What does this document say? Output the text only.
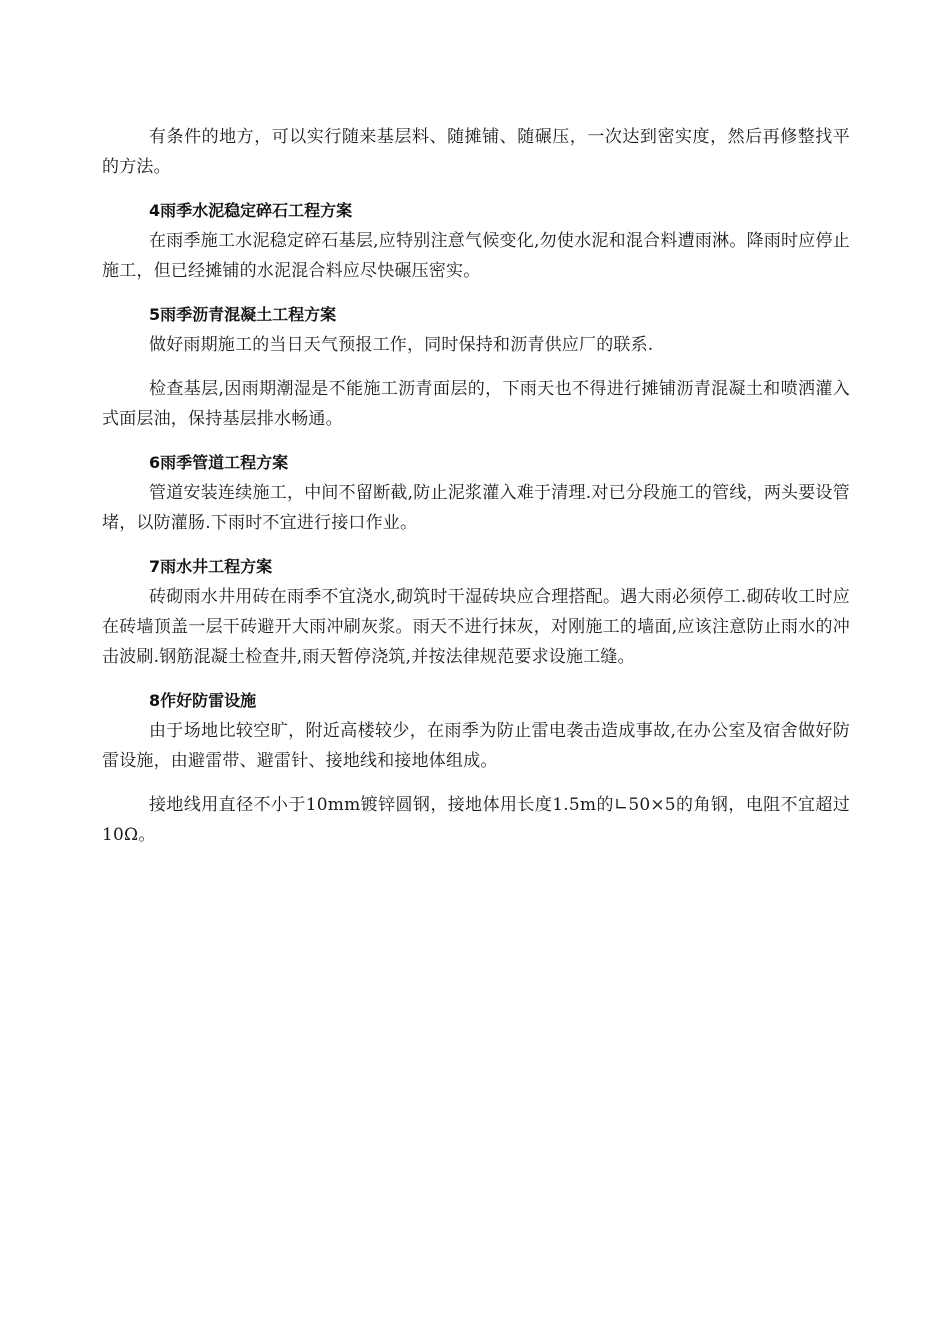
有条件的地方，可以实行随来基层料、随摊铺、随碾压，一次达到密实度，然后再修整找平的方法。

4雨季水泥稳定碎石工程方案

在雨季施工水泥稳定碎石基层,应特别注意气候变化,勿使水泥和混合料遭雨淋。降雨时应停止施工，但已经摊铺的水泥混合料应尽快碾压密实。

5雨季沥青混凝土工程方案

做好雨期施工的当日天气预报工作，同时保持和沥青供应厂的联系.

检查基层,因雨期潮湿是不能施工沥青面层的，下雨天也不得进行摊铺沥青混凝土和喷洒灌入式面层油，保持基层排水畅通。

6雨季管道工程方案

管道安装连续施工，中间不留断截,防止泥浆灌入难于清理.对已分段施工的管线，两头要设管堵，以防灌肠.下雨时不宜进行接口作业。

7雨水井工程方案

砖砌雨水井用砖在雨季不宜浇水,砌筑时干湿砖块应合理搭配。遇大雨必须停工.砌砖收工时应在砖墙顶盖一层干砖避开大雨冲刷灰浆。雨天不进行抹灰，对刚施工的墙面,应该注意防止雨水的冲击波刷.钢筋混凝土检查井,雨天暂停浇筑,并按法律规范要求设施工缝。

8作好防雷设施

由于场地比较空旷，附近高楼较少，在雨季为防止雷电袭击造成事故,在办公室及宿舍做好防雷设施，由避雷带、避雷针、接地线和接地体组成。

接地线用直径不小于10mm镀锌圆钢，接地体用长度1.5m的∟50×5的角钢，电阻不宜超过10Ω。
